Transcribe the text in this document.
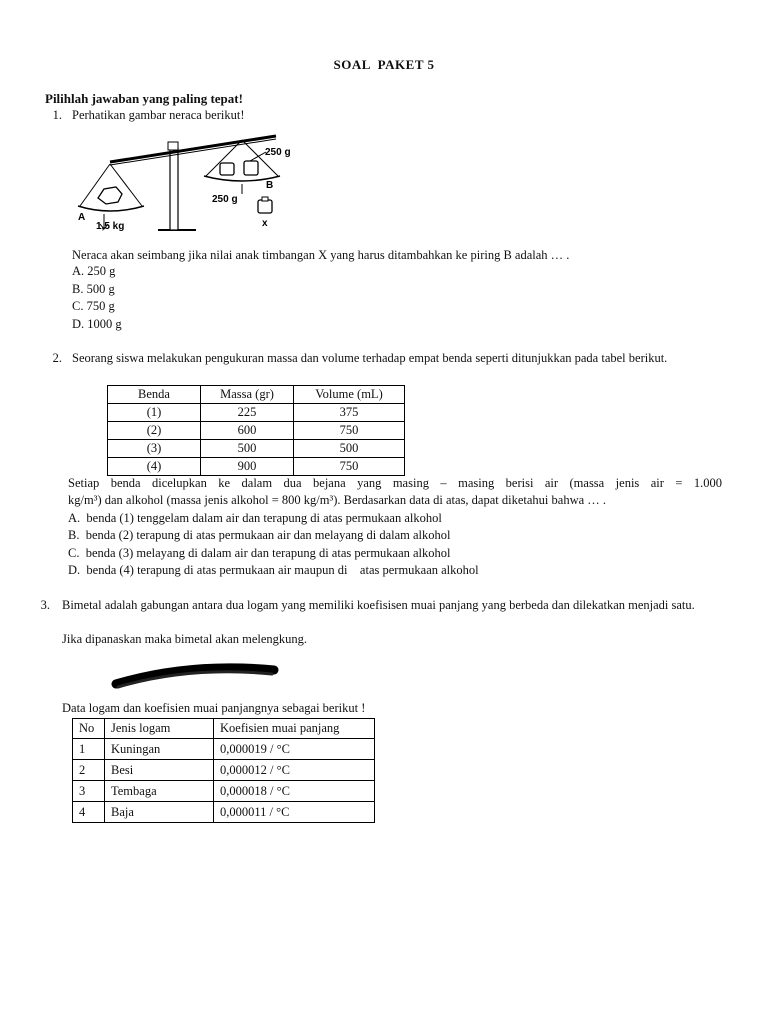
SOAL  PAKET 5
Pilihlah jawaban yang paling tepat!
1. Perhatikan gambar neraca berikut!
250 g
B
250 g
A
1,5 kg	x
Neraca akan seimbang jika nilai anak timbangan X yang harus ditambahkan ke piring B adalah … .
A. 250 g
B. 500 g
C. 750 g
D. 1000 g
2. Seorang siswa melakukan pengukuran massa dan volume terhadap empat benda seperti ditunjukkan pada tabel berikut.
Benda	Massa (gr)	Volume (mL)
(1)	225	375
(2)	600	750
(3)	500	500
(4)	900	750
Setiap benda dicelupkan ke dalam dua bejana yang masing – masing berisi air (massa jenis air = 1.000
kg/m³) dan alkohol (massa jenis alkohol = 800 kg/m³). Berdasarkan data di atas, dapat diketahui bahwa … .
A.  benda (1) tenggelam dalam air dan terapung di atas permukaan alkohol
B.  benda (2) terapung di atas permukaan air dan melayang di dalam alkohol
C.  benda (3) melayang di dalam air dan terapung di atas permukaan alkohol
D.  benda (4) terapung di atas permukaan air maupun di    atas permukaan alkohol
3. Bimetal adalah gabungan antara dua logam yang memiliki koefisisen muai panjang yang berbeda dan dilekatkan menjadi satu.
Jika dipanaskan maka bimetal akan melengkung.
Data logam dan koefisien muai panjangnya sebagai berikut !
No	Jenis logam	Koefisien muai panjang
1	Kuningan	0,000019 / °C
2	Besi	0,000012 / °C
3	Tembaga	0,000018 / °C
4	Baja	0,000011 / °C
